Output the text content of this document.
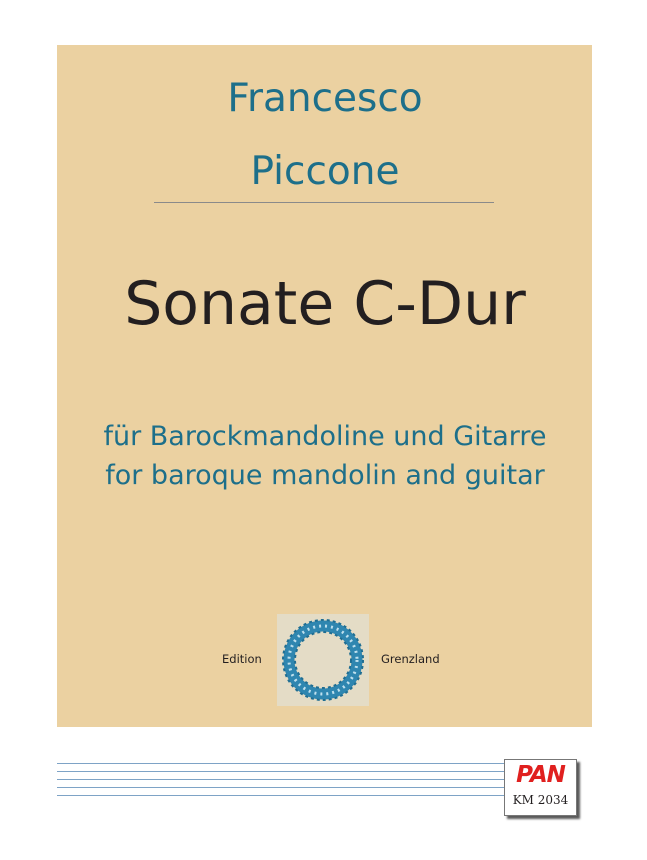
Francesco
Piccone
Sonate C-Dur
für Barockmandoline und Gitarre
for baroque mandolin and guitar
Edition	Grenzland
PAN
KM 2034
